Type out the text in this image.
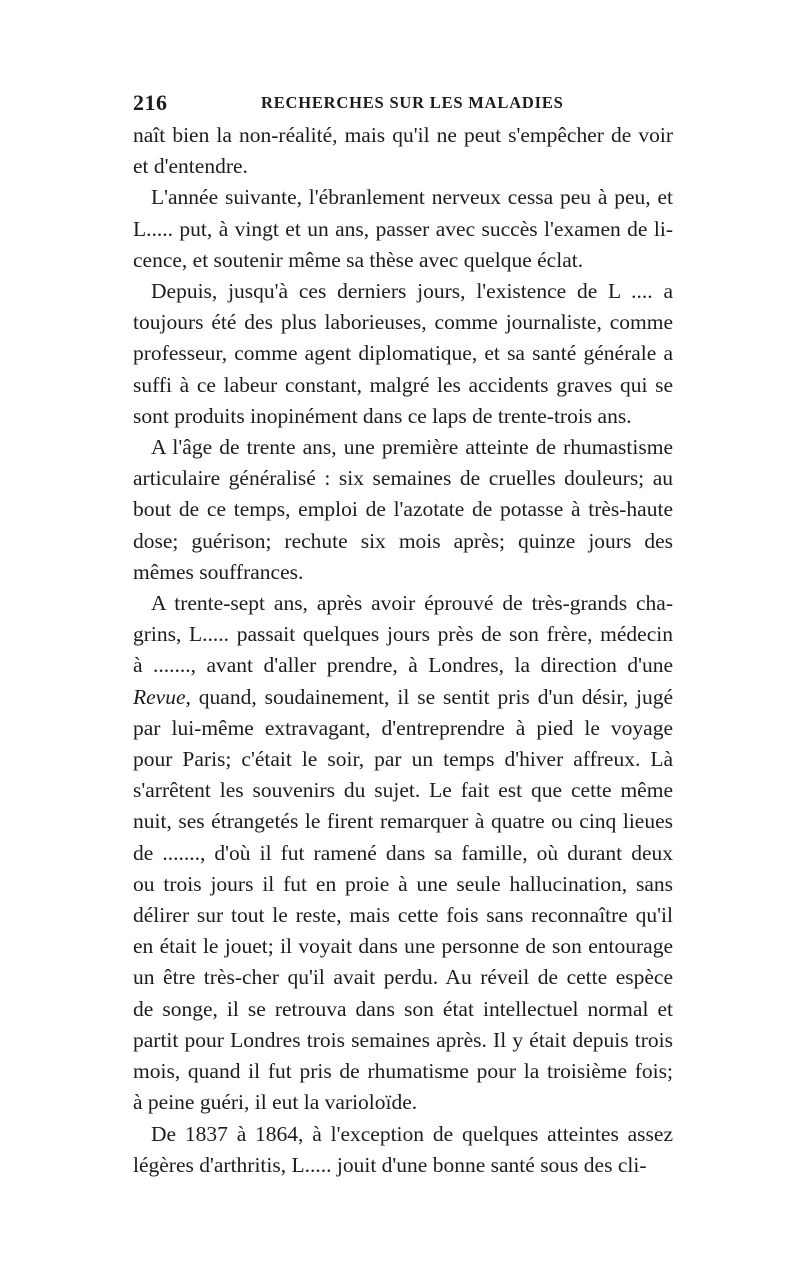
216	RECHERCHES SUR LES MALADIES
naît bien la non-réalité, mais qu'il ne peut s'empêcher de voir
et d'entendre.
L'année suivante, l'ébranlement nerveux cessa peu à peu, et
L..... put, à vingt et un ans, passer avec succès l'examen de li-
cence, et soutenir même sa thèse avec quelque éclat.
Depuis, jusqu'à ces derniers jours, l'existence de L .... a
toujours été des plus laborieuses, comme journaliste, comme
professeur, comme agent diplomatique, et sa santé générale a
suffi à ce labeur constant, malgré les accidents graves qui se
sont produits inopinément dans ce laps de trente-trois ans.
A l'âge de trente ans, une première atteinte de rhumastisme
articulaire généralisé : six semaines de cruelles douleurs; au
bout de ce temps, emploi de l'azotate de potasse à très-haute
dose; guérison; rechute six mois après; quinze jours des
mêmes souffrances.
A trente-sept ans, après avoir éprouvé de très-grands cha-
grins, L..... passait quelques jours près de son frère, médecin
à ......., avant d'aller prendre, à Londres, la direction d'une
Revue, quand, soudainement, il se sentit pris d'un désir, jugé
par lui-même extravagant, d'entreprendre à pied le voyage
pour Paris; c'était le soir, par un temps d'hiver affreux. Là
s'arrêtent les souvenirs du sujet. Le fait est que cette même
nuit, ses étrangetés le firent remarquer à quatre ou cinq lieues
de ......., d'où il fut ramené dans sa famille, où durant deux
ou trois jours il fut en proie à une seule hallucination, sans
délirer sur tout le reste, mais cette fois sans reconnaître qu'il
en était le jouet; il voyait dans une personne de son entourage
un être très-cher qu'il avait perdu. Au réveil de cette espèce
de songe, il se retrouva dans son état intellectuel normal et
partit pour Londres trois semaines après. Il y était depuis trois
mois, quand il fut pris de rhumatisme pour la troisième fois;
à peine guéri, il eut la varioloïde.
De 1837 à 1864, à l'exception de quelques atteintes assez
légères d'arthritis, L..... jouit d'une bonne santé sous des cli-
